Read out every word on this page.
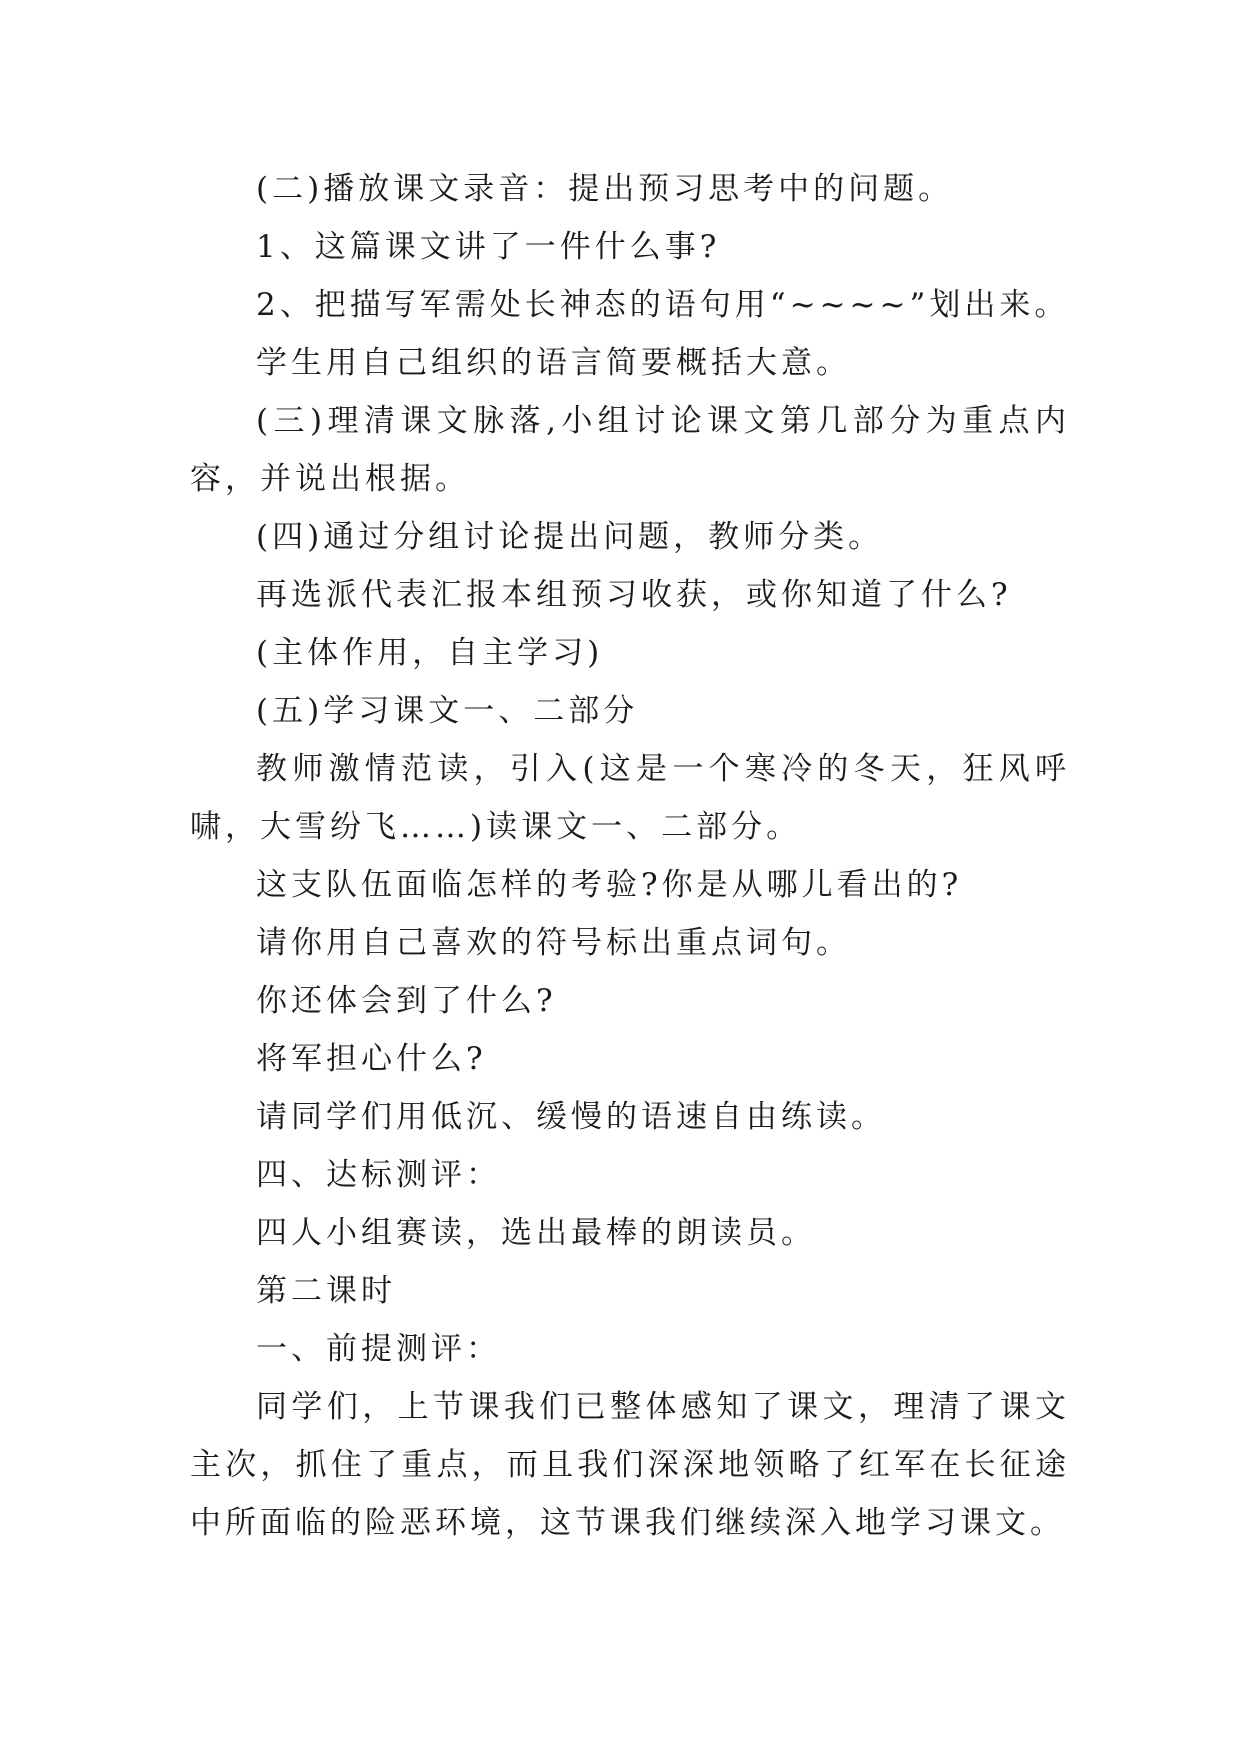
(二)播放课文录音：提出预习思考中的问题。

1、这篇课文讲了一件什么事?

2、把描写军需处长神态的语句用“~~~~”划出来。

学生用自己组织的语言简要概括大意。

(三)理清课文脉落,小组讨论课文第几部分为重点内容，并说出根据。

(四)通过分组讨论提出问题，教师分类。

再选派代表汇报本组预习收获，或你知道了什么?

(主体作用，自主学习)

(五)学习课文一、二部分

教师激情范读，引入(这是一个寒冷的冬天，狂风呼啸，大雪纷飞……)读课文一、二部分。

这支队伍面临怎样的考验?你是从哪儿看出的?

请你用自己喜欢的符号标出重点词句。

你还体会到了什么?

将军担心什么?

请同学们用低沉、缓慢的语速自由练读。

四、达标测评：

四人小组赛读，选出最棒的朗读员。

第二课时

一、前提测评：

同学们，上节课我们已整体感知了课文，理清了课文主次，抓住了重点，而且我们深深地领略了红军在长征途中所面临的险恶环境，这节课我们继续深入地学习课文。
